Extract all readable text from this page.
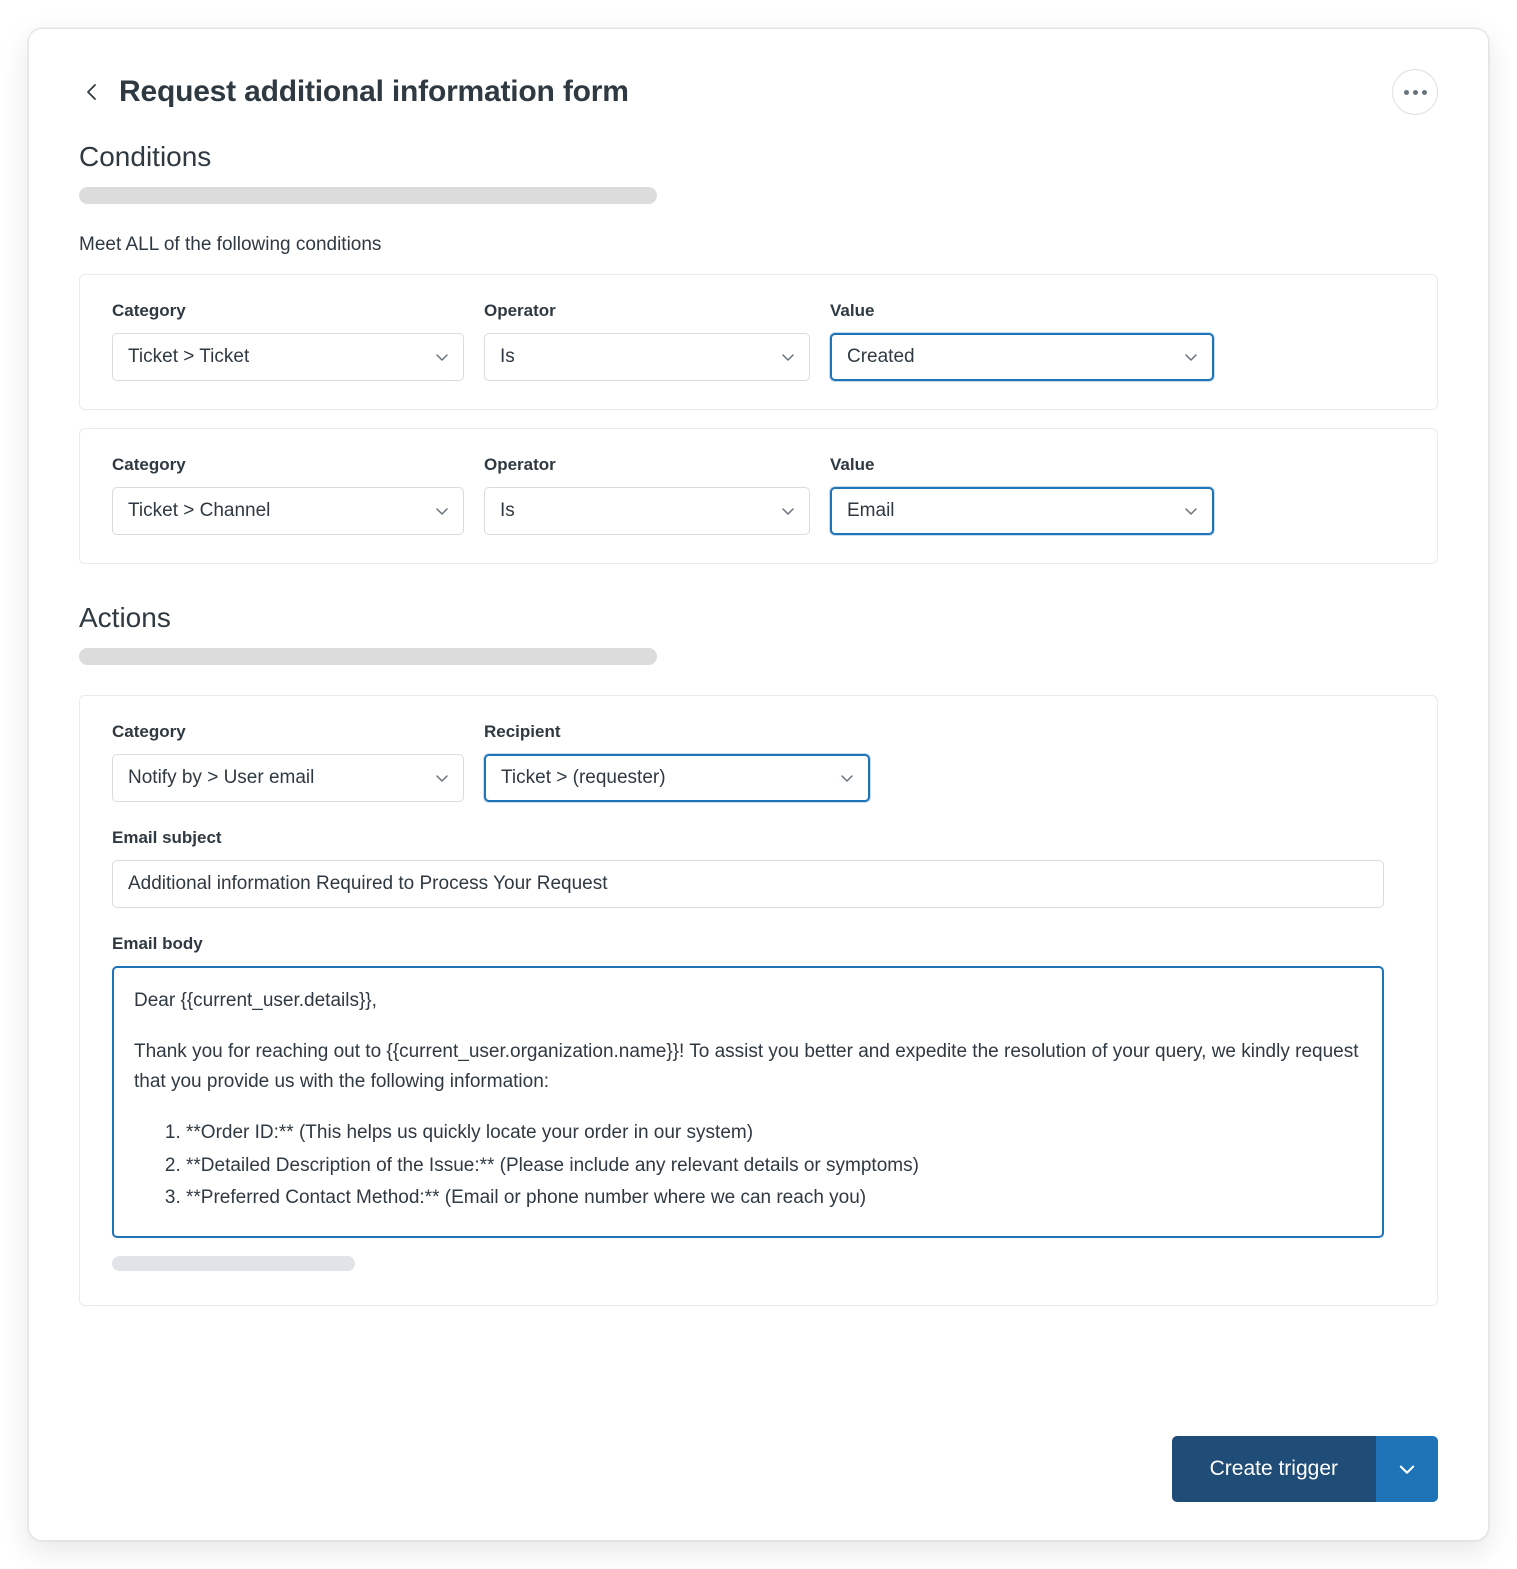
Request additional information form
Conditions
Meet ALL of the following conditions
Category
Ticket > Ticket
Operator
Is
Value
Created
Category
Ticket > Channel
Operator
Is
Value
Email
Actions
Category
Notify by > User email
Recipient
Ticket > (requester)
Email subject
Additional information Required to Process Your Request
Email body

Dear {{current_user.details}},

Thank you for reaching out to {{current_user.organization.name}}! To assist you better and expedite the resolution of your query, we kindly request that you provide us with the following information:

1. **Order ID:** (This helps us quickly locate your order in our system)
2. **Detailed Description of the Issue:** (Please include any relevant details or symptoms)
3. **Preferred Contact Method:** (Email or phone number where we can reach you)
Create trigger
